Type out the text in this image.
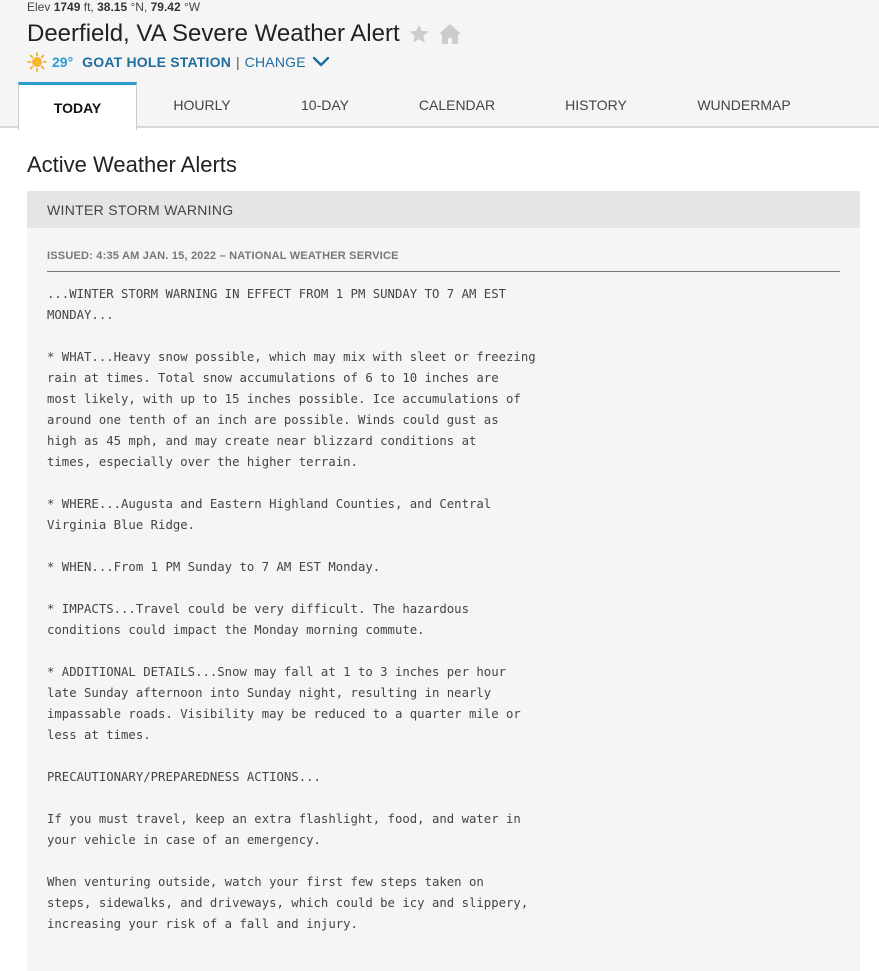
Elev 1749 ft, 38.15 °N, 79.42 °W
Deerfield, VA Severe Weather Alert
29° GOAT HOLE STATION | CHANGE
TODAY	HOURLY	10-DAY	CALENDAR	HISTORY	WUNDERMAP
Active Weather Alerts
WINTER STORM WARNING
ISSUED: 4:35 AM JAN. 15, 2022 – NATIONAL WEATHER SERVICE
...WINTER STORM WARNING IN EFFECT FROM 1 PM SUNDAY TO 7 AM EST
MONDAY...
* WHAT...Heavy snow possible, which may mix with sleet or freezing
rain at times. Total snow accumulations of 6 to 10 inches are
most likely, with up to 15 inches possible. Ice accumulations of
around one tenth of an inch are possible. Winds could gust as
high as 45 mph, and may create near blizzard conditions at
times, especially over the higher terrain.
* WHERE...Augusta and Eastern Highland Counties, and Central
Virginia Blue Ridge.
* WHEN...From 1 PM Sunday to 7 AM EST Monday.
* IMPACTS...Travel could be very difficult. The hazardous
conditions could impact the Monday morning commute.
* ADDITIONAL DETAILS...Snow may fall at 1 to 3 inches per hour
late Sunday afternoon into Sunday night, resulting in nearly
impassable roads. Visibility may be reduced to a quarter mile or
less at times.
PRECAUTIONARY/PREPAREDNESS ACTIONS...
If you must travel, keep an extra flashlight, food, and water in
your vehicle in case of an emergency.
When venturing outside, watch your first few steps taken on
steps, sidewalks, and driveways, which could be icy and slippery,
increasing your risk of a fall and injury.
